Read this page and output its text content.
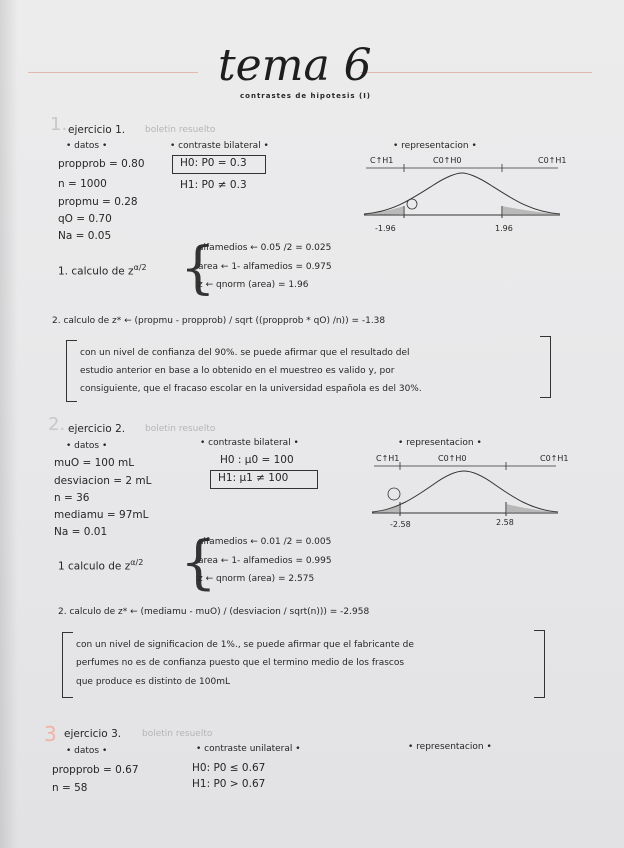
tema 6
contrastes de hipotesis (I)
1. ejercicio 1. boletin resuelto
• datos •
propprob = 0.80
n = 1000
propmu = 0.28
qO = 0.70
Na = 0.05
• contraste bilateral •
H0: P0 = 0.3
H1: P0 ≠ 0.3
• representacion •
C↑H1	C0↑H0	C0↑H1
-1.96	1.96
1. calculo de $z^{\alpha/2}$ {
alfamedios ← 0.05 /2 = 0.025
area ← 1- alfamedios = 0.975
z ← qnorm (area) = 1.96
2. calculo de z* ← (propmu - propprob) / sqrt ((propprob * qO) /n)) = -1.38
con un nivel de confianza del 90%. se puede afirmar que el resultado del
estudio anterior en base a lo obtenido en el muestreo es valido y, por
consiguiente, que el fracaso escolar en la universidad española es del 30%.
2. ejercicio 2. boletin resuelto
• datos •
muO = 100 mL
desviacion = 2 mL
n = 36
mediamu = 97mL
Na = 0.01
• contraste bilateral •
H0 : μ0 = 100
H1: μ1 ≠ 100
• representacion •
C↑H1	C0↑H0	C0↑H1
-2.58	2.58
1 calculo de $z^{\alpha/2}$ {
alfamedios ← 0.01 /2 = 0.005
area ← 1- alfamedios = 0.995
z ← qnorm (area) = 2.575
2. calculo de z* ← (mediamu - muO) / (desviacion / sqrt(n))) = -2.958
con un nivel de significacion de 1%., se puede afirmar que el fabricante de
perfumes no es de confianza puesto que el termino medio de los frascos
que produce es distinto de 100mL
3 ejercicio 3. boletin resuelto
• datos •
propprob = 0.67
n = 58
• contraste unilateral •
H0: P0 ≤ 0.67
H1: P0 > 0.67
• representacion •
